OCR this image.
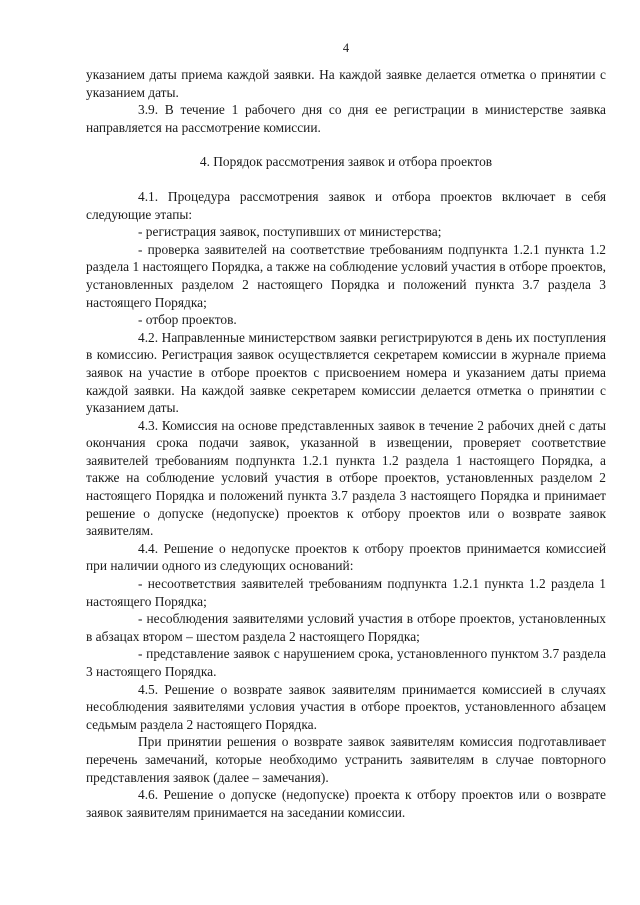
4

указанием даты приема каждой заявки. На каждой заявке делается отметка о принятии с указанием даты.

3.9. В течение 1 рабочего дня со дня ее регистрации в министерстве заявка направляется на рассмотрение комиссии.

4. Порядок рассмотрения заявок и отбора проектов

4.1. Процедура рассмотрения заявок и отбора проектов включает в себя следующие этапы:

- регистрация заявок, поступивших от министерства;

- проверка заявителей на соответствие требованиям подпункта 1.2.1 пункта 1.2 раздела 1 настоящего Порядка, а также на соблюдение условий участия в отборе проектов, установленных разделом 2 настоящего Порядка и положений пункта 3.7 раздела 3 настоящего Порядка;

- отбор проектов.

4.2. Направленные министерством заявки регистрируются в день их поступления в комиссию. Регистрация заявок осуществляется секретарем комиссии в журнале приема заявок на участие в отборе проектов с присвоением номера и указанием даты приема каждой заявки. На каждой заявке секретарем комиссии делается отметка о принятии с указанием даты.

4.3. Комиссия на основе представленных заявок в течение 2 рабочих дней с даты окончания срока подачи заявок, указанной в извещении, проверяет соответствие заявителей требованиям подпункта 1.2.1 пункта 1.2 раздела 1 настоящего Порядка, а также на соблюдение условий участия в отборе проектов, установленных разделом 2 настоящего Порядка и положений пункта 3.7 раздела 3 настоящего Порядка и принимает решение о допуске (недопуске) проектов к отбору проектов или о возврате заявок заявителям.

4.4. Решение о недопуске проектов к отбору проектов принимается комиссией при наличии одного из следующих оснований:

- несоответствия заявителей требованиям подпункта 1.2.1 пункта 1.2 раздела 1 настоящего Порядка;

- несоблюдения заявителями условий участия в отборе проектов, установленных в абзацах втором – шестом раздела 2 настоящего Порядка;

- представление заявок с нарушением срока, установленного пунктом 3.7 раздела 3 настоящего Порядка.

4.5. Решение о возврате заявок заявителям принимается комиссией в случаях несоблюдения заявителями условия участия в отборе проектов, установленного абзацем седьмым раздела 2 настоящего Порядка.

При принятии решения о возврате заявок заявителям комиссия подготавливает перечень замечаний, которые необходимо устранить заявителям в случае повторного представления заявок (далее – замечания).

4.6. Решение о допуске (недопуске) проекта к отбору проектов или о возврате заявок заявителям принимается на заседании комиссии.
